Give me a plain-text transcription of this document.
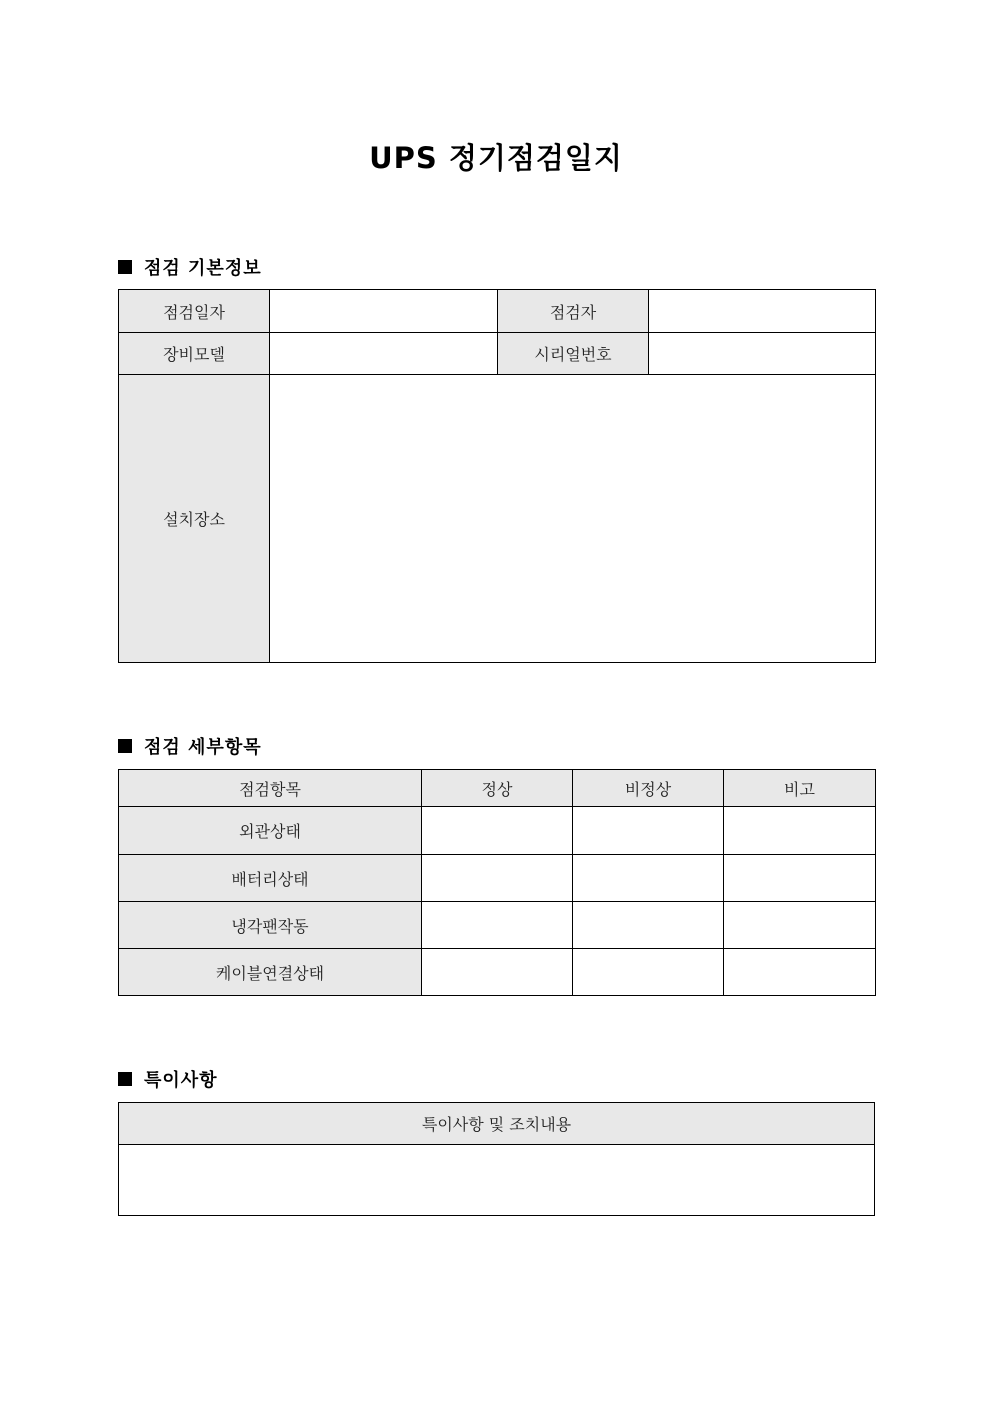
UPS 정기점검일지
점검 기본정보
점검일자		점검자	
장비모델		시리얼번호	
설치장소			
점검 세부항목
점검항목	정상	비정상	비고
외관상태			
배터리상태			
냉각팬작동			
케이블연결상태			
특이사항
특이사항 및 조치내용
